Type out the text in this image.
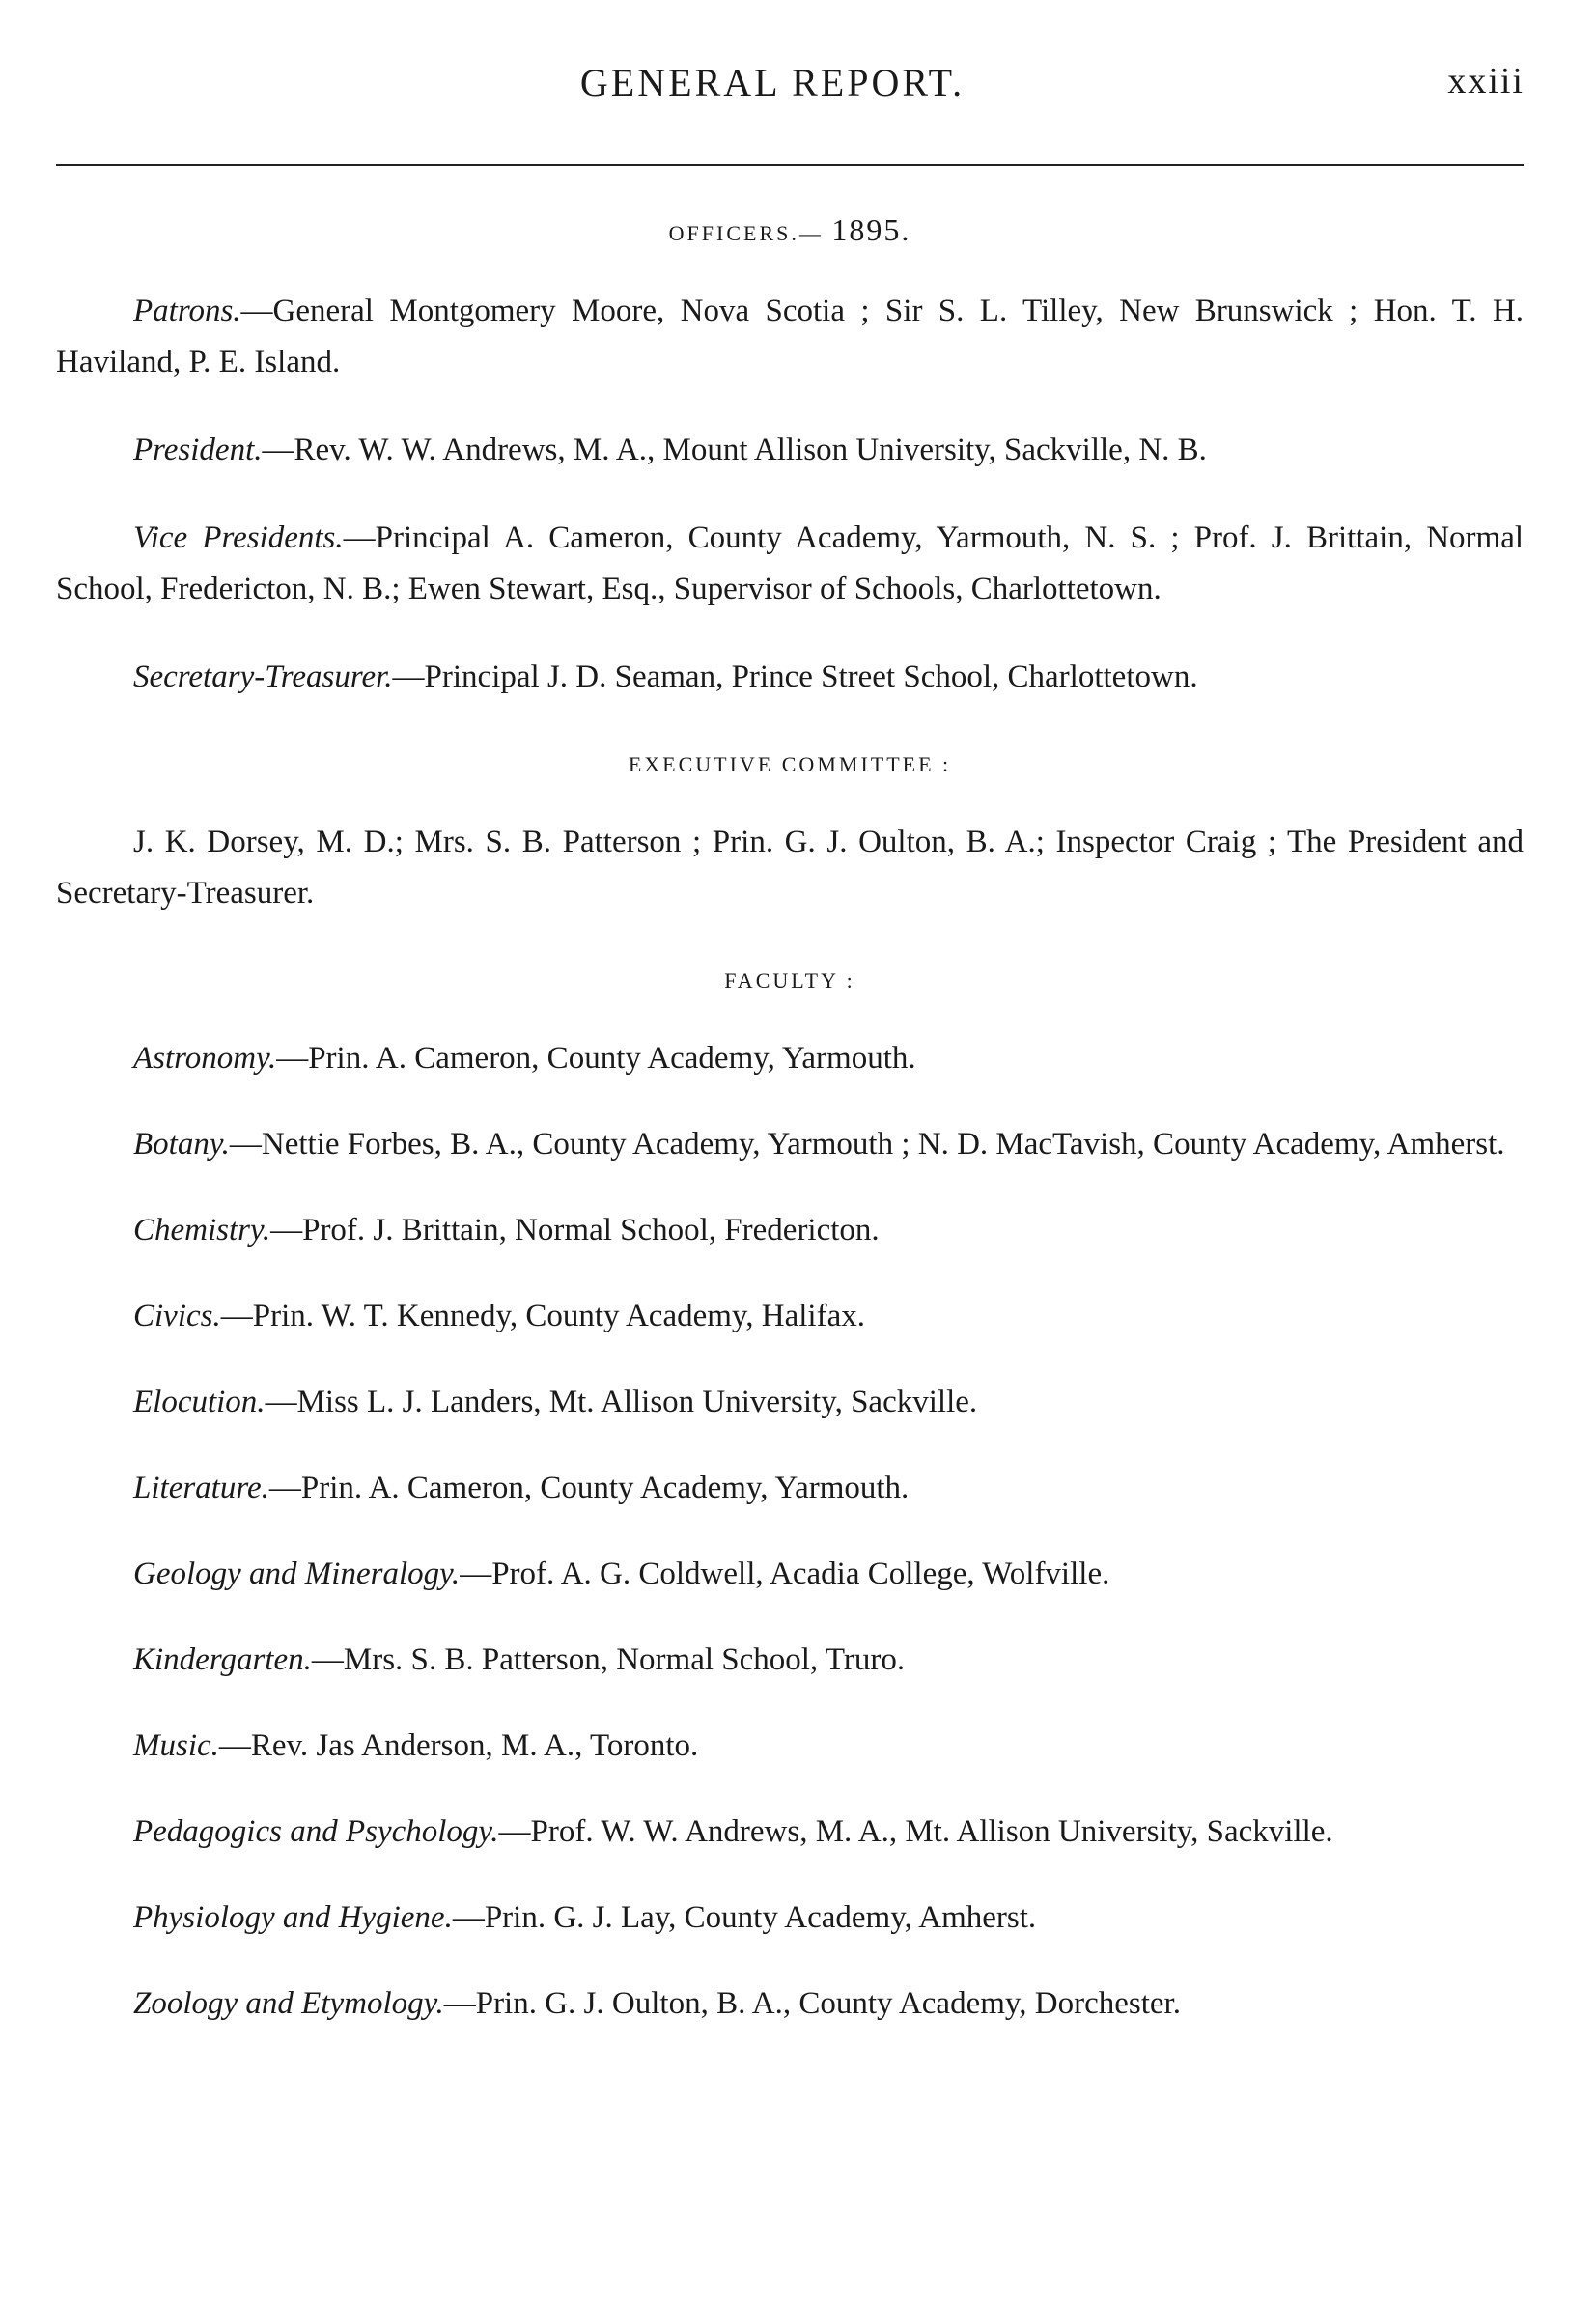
GENERAL REPORT.	xxiii
OFFICERS.— 1895.

Patrons.—General Montgomery Moore, Nova Scotia ; Sir S. L. Tilley, New Brunswick ; Hon. T. H. Haviland, P. E. Island.

President.—Rev. W. W. Andrews, M. A., Mount Allison University, Sackville, N. B.

Vice Presidents.—Principal A. Cameron, County Academy, Yarmouth, N. S. ; Prof. J. Brittain, Normal School, Fredericton, N. B.; Ewen Stewart, Esq., Supervisor of Schools, Charlottetown.

Secretary-Treasurer.—Principal J. D. Seaman, Prince Street School, Charlottetown.

EXECUTIVE COMMITTEE :

J. K. Dorsey, M. D.; Mrs. S. B. Patterson ; Prin. G. J. Oulton, B. A.; Inspector Craig ; The President and Secretary-Treasurer.

FACULTY :

Astronomy.—Prin. A. Cameron, County Academy, Yarmouth.

Botany.—Nettie Forbes, B. A., County Academy, Yarmouth ; N. D. MacTavish, County Academy, Amherst.

Chemistry.—Prof. J. Brittain, Normal School, Fredericton.

Civics.—Prin. W. T. Kennedy, County Academy, Halifax.

Elocution.—Miss L. J. Landers, Mt. Allison University, Sackville.

Literature.—Prin. A. Cameron, County Academy, Yarmouth.

Geology and Mineralogy.—Prof. A. G. Coldwell, Acadia College, Wolfville.

Kindergarten.—Mrs. S. B. Patterson, Normal School, Truro.

Music.—Rev. Jas Anderson, M. A., Toronto.

Pedagogics and Psychology.—Prof. W. W. Andrews, M. A., Mt. Allison University, Sackville.

Physiology and Hygiene.—Prin. G. J. Lay, County Academy, Amherst.

Zoology and Etymology.—Prin. G. J. Oulton, B. A., County Academy, Dorchester.
